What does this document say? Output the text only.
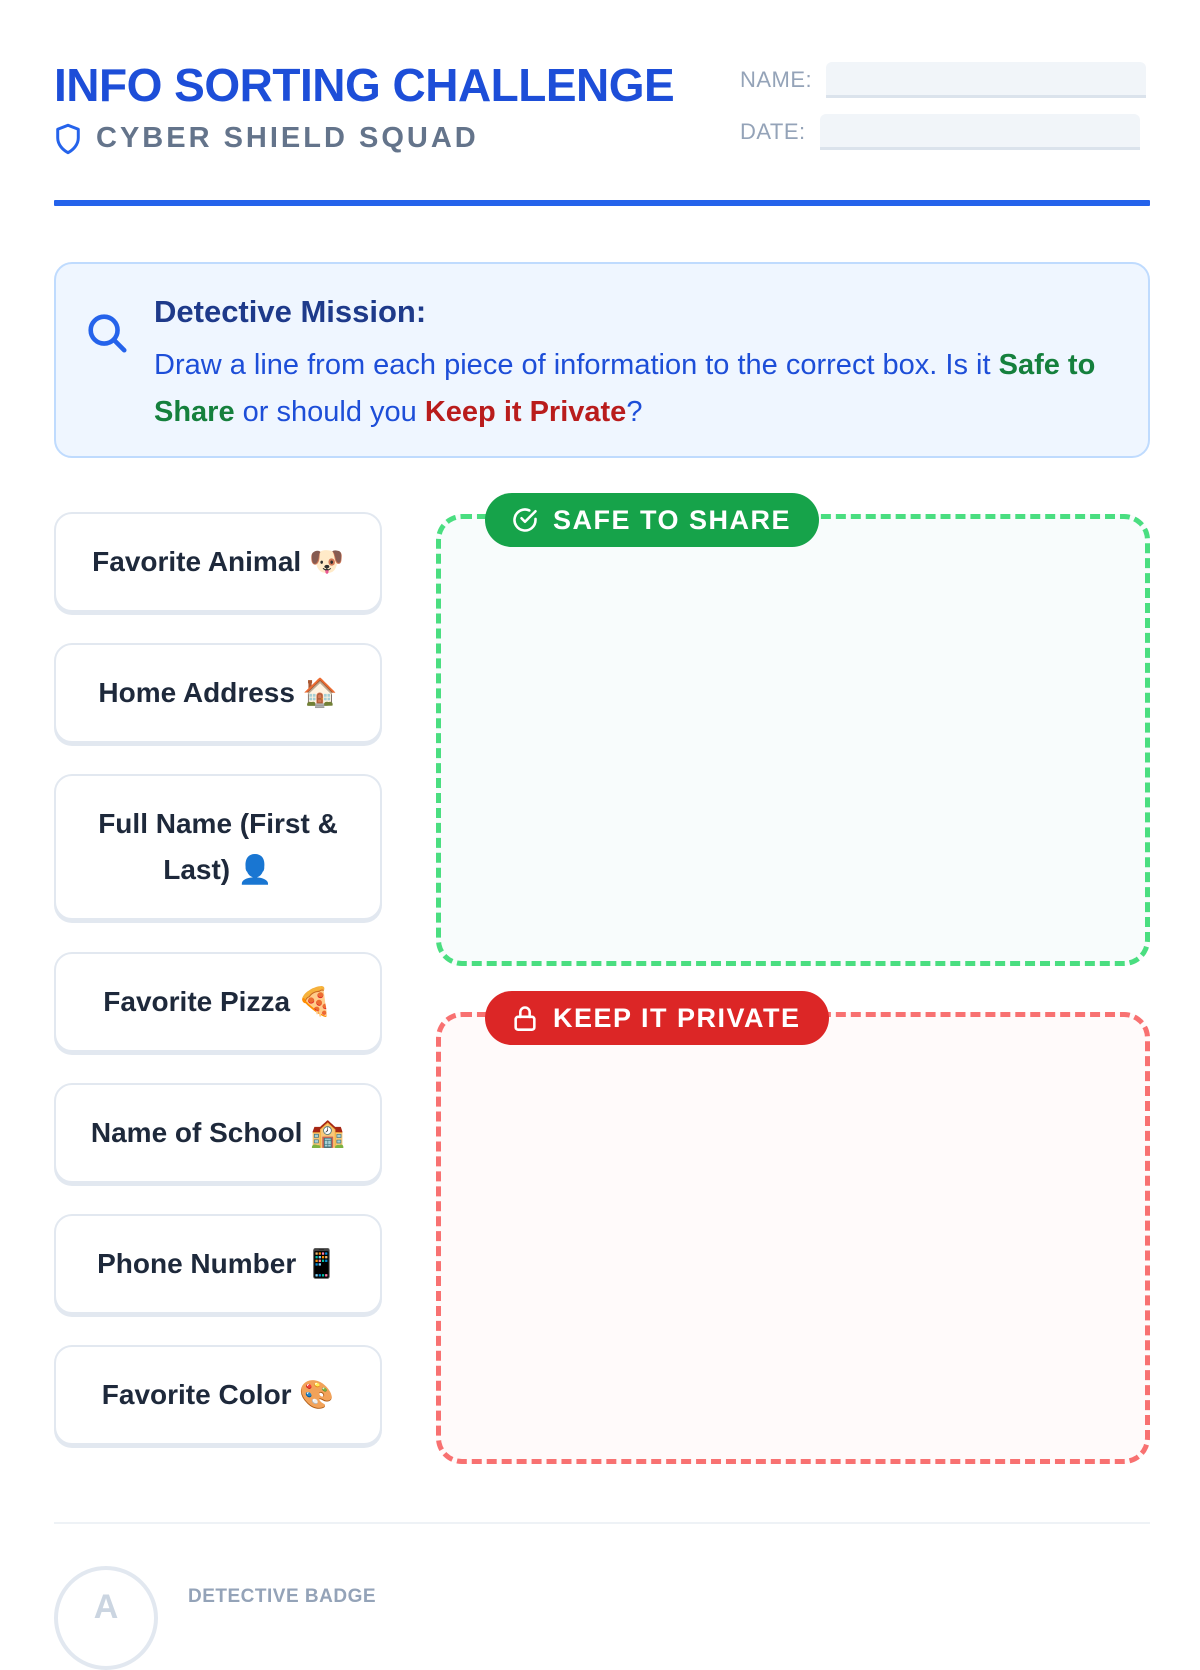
INFO SORTING CHALLENGE
CYBER SHIELD SQUAD
NAME:
DATE:
Detective Mission:
Draw a line from each piece of information to the correct box. Is it Safe to Share or should you Keep it Private?
Favorite Animal 🐶
Home Address 🏠
Full Name (First & Last) 👤
Favorite Pizza 🍕
Name of School 🏫
Phone Number 📱
Favorite Color 🎨
SAFE TO SHARE
KEEP IT PRIVATE
A	DETECTIVE BADGE
